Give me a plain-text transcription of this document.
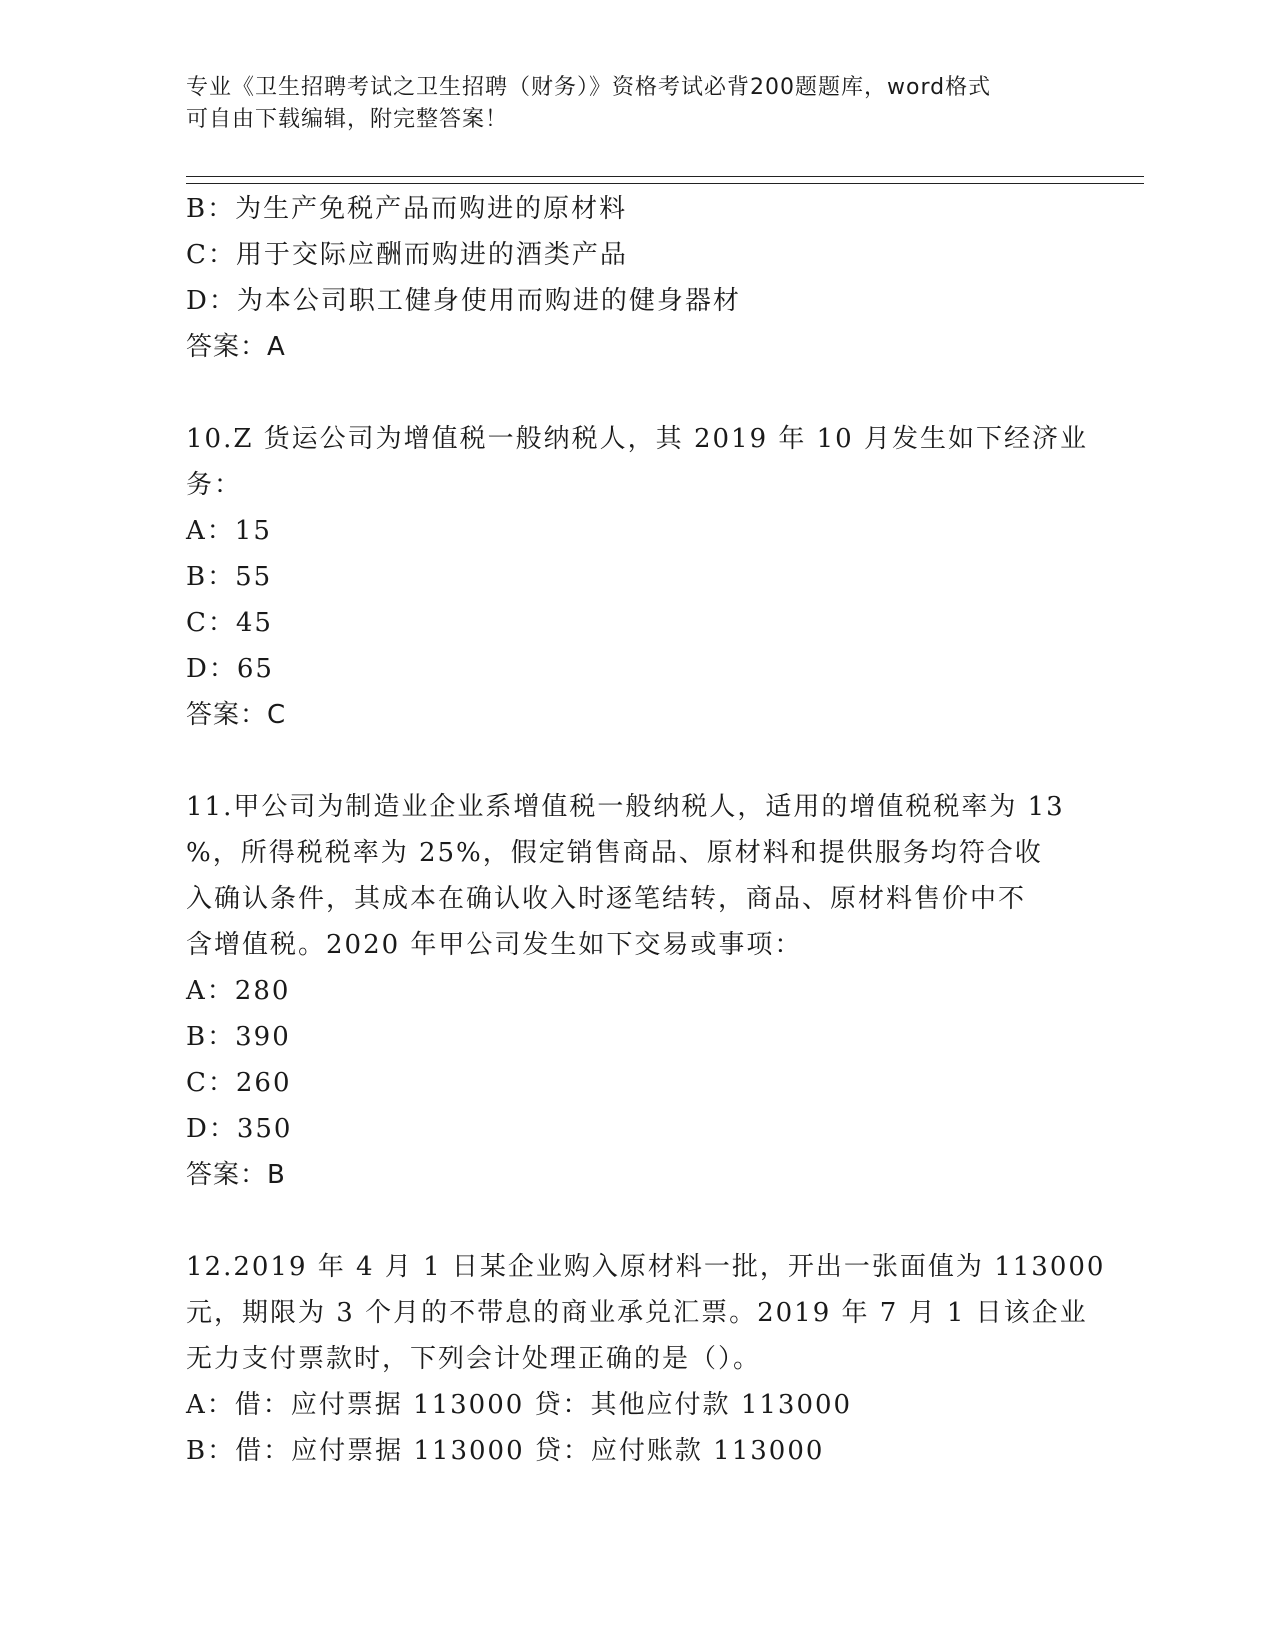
专业《卫生招聘考试之卫生招聘（财务）》资格考试必背200题题库，word格式
可自由下载编辑，附完整答案！
B：为生产免税产品而购进的原材料
C：用于交际应酬而购进的酒类产品
D：为本公司职工健身使用而购进的健身器材
答案：A
10.Z 货运公司为增值税一般纳税人，其 2019 年 10 月发生如下经济业
务：
A：15
B：55
C：45
D：65
答案：C
11.甲公司为制造业企业系增值税一般纳税人，适用的增值税税率为 13
%，所得税税率为 25%，假定销售商品、原材料和提供服务均符合收
入确认条件，其成本在确认收入时逐笔结转，商品、原材料售价中不
含增值税。2020 年甲公司发生如下交易或事项：
A：280
B：390
C：260
D：350
答案：B
12.2019 年 4 月 1 日某企业购入原材料一批，开出一张面值为 113000
元，期限为 3 个月的不带息的商业承兑汇票。2019 年 7 月 1 日该企业
无力支付票款时，下列会计处理正确的是（）。
A：借：应付票据 113000 贷：其他应付款 113000
B：借：应付票据 113000 贷：应付账款 113000
